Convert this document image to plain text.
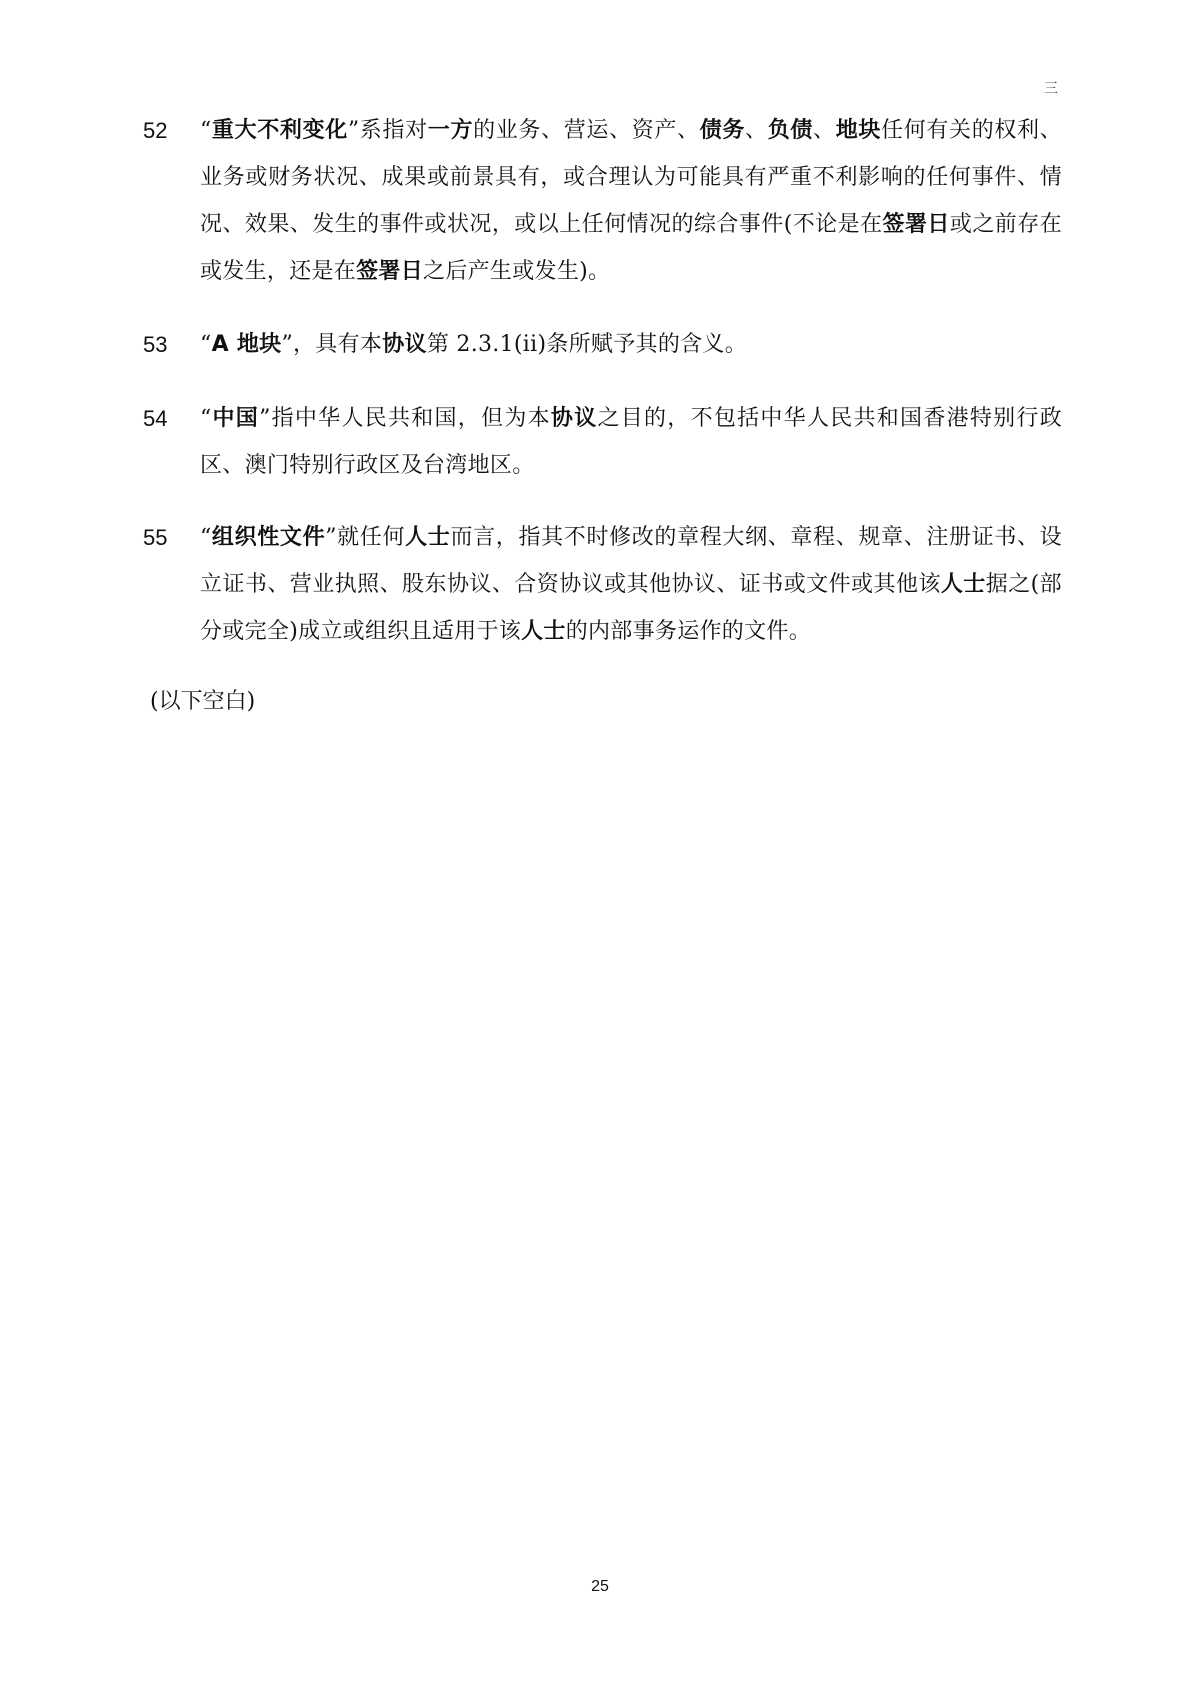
三
52 “重大不利变化”系指对一方的业务、营运、资产、债务、负债、地块任何有关的权利、业务或财务状况、成果或前景具有，或合理认为可能具有严重不利影响的任何事件、情况、效果、发生的事件或状况，或以上任何情况的综合事件(不论是在签署日或之前存在或发生，还是在签署日之后产生或发生)。
53 “A 地块”，具有本协议第 2.3.1(ii)条所赋予其的含义。
54 “中国”指中华人民共和国，但为本协议之目的，不包括中华人民共和国香港特别行政区、澳门特别行政区及台湾地区。
55 “组织性文件”就任何人士而言，指其不时修改的章程大纲、章程、规章、注册证书、设立证书、营业执照、股东协议、合资协议或其他协议、证书或文件或其他该人士据之(部分或完全)成立或组织且适用于该人士的内部事务运作的文件。
(以下空白)
25
